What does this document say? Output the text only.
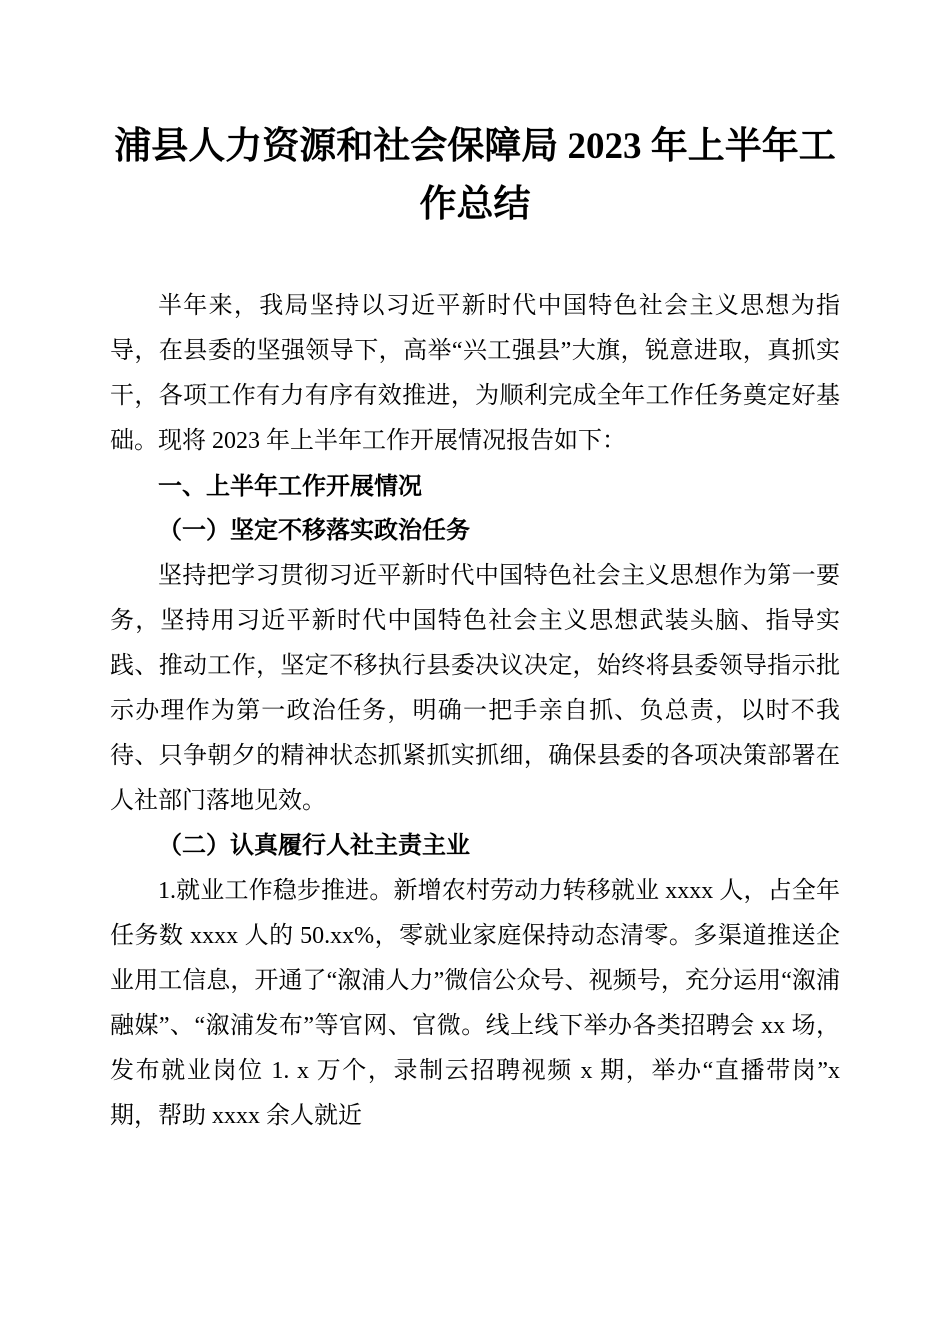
浦县人力资源和社会保障局 2023 年上半年工作总结

半年来，我局坚持以习近平新时代中国特色社会主义思想为指导，在县委的坚强领导下，高举“兴工强县”大旗，锐意进取，真抓实干，各项工作有力有序有效推进，为顺利完成全年工作任务奠定好基础。现将 2023 年上半年工作开展情况报告如下：

一、上半年工作开展情况
（一）坚定不移落实政治任务

坚持把学习贯彻习近平新时代中国特色社会主义思想作为第一要务，坚持用习近平新时代中国特色社会主义思想武装头脑、指导实践、推动工作，坚定不移执行县委决议决定，始终将县委领导指示批示办理作为第一政治任务，明确一把手亲自抓、负总责，以时不我待、只争朝夕的精神状态抓紧抓实抓细，确保县委的各项决策部署在人社部门落地见效。

（二）认真履行人社主责主业

1.就业工作稳步推进。新增农村劳动力转移就业 xxxx 人，占全年任务数 xxxx 人的 50.xx%，零就业家庭保持动态清零。多渠道推送企业用工信息，开通了“溆浦人力”微信公众号、视频号，充分运用“溆浦融媒”、“溆浦发布”等官网、官微。线上线下举办各类招聘会 xx 场，发布就业岗位 1. x 万个，录制云招聘视频 x 期，举办“直播带岗”x 期，帮助 xxxx 余人就近
